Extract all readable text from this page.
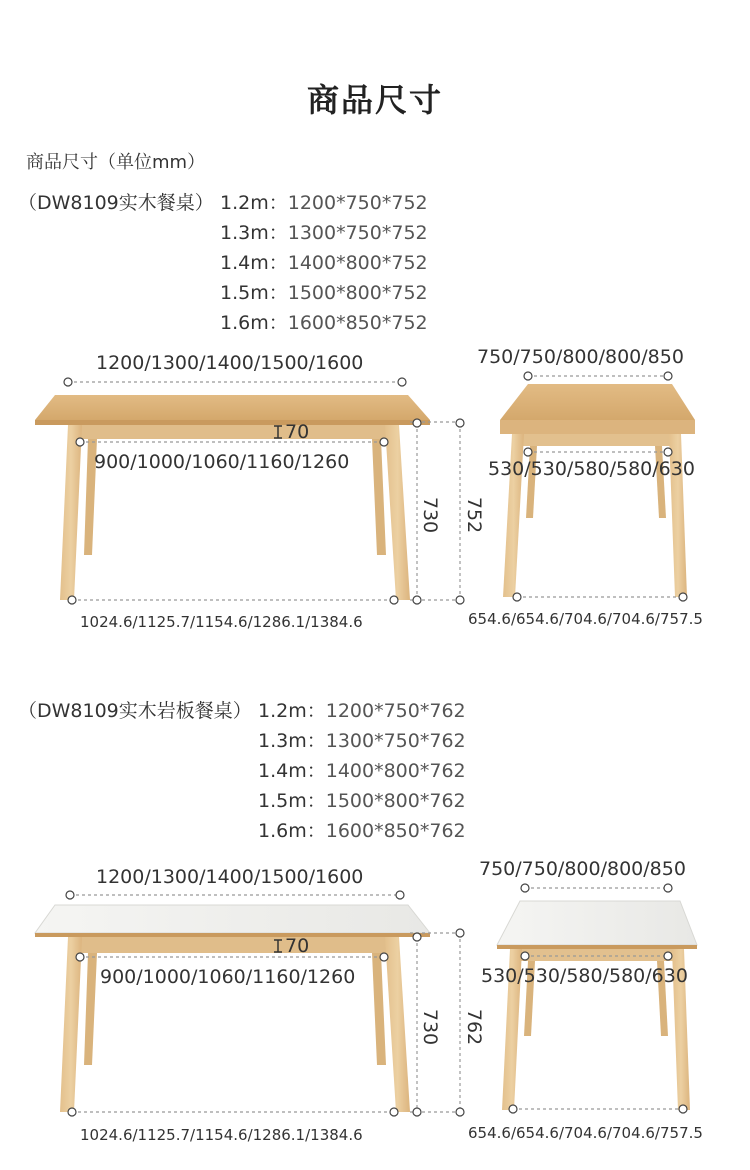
商品尺寸
商品尺寸（单位mm）
（DW8109实木餐桌） 1.2m：1200*750*752
1.3m：1300*750*752
1.4m：1400*800*752
1.5m：1500*800*752
1.6m：1600*850*752
1200/1300/1400/1500/1600
70
900/1000/1060/1160/1260
730 752
1024.6/1125.7/1154.6/1286.1/1384.6
750/750/800/800/850
530/530/580/580/630
654.6/654.6/704.6/704.6/757.5
（DW8109实木岩板餐桌） 1.2m：1200*750*762
1.3m：1300*750*762
1.4m：1400*800*762
1.5m：1500*800*762
1.6m：1600*850*762
1200/1300/1400/1500/1600
70
900/1000/1060/1160/1260
730 762
1024.6/1125.7/1154.6/1286.1/1384.6
750/750/800/800/850
530/530/580/580/630
654.6/654.6/704.6/704.6/757.5
